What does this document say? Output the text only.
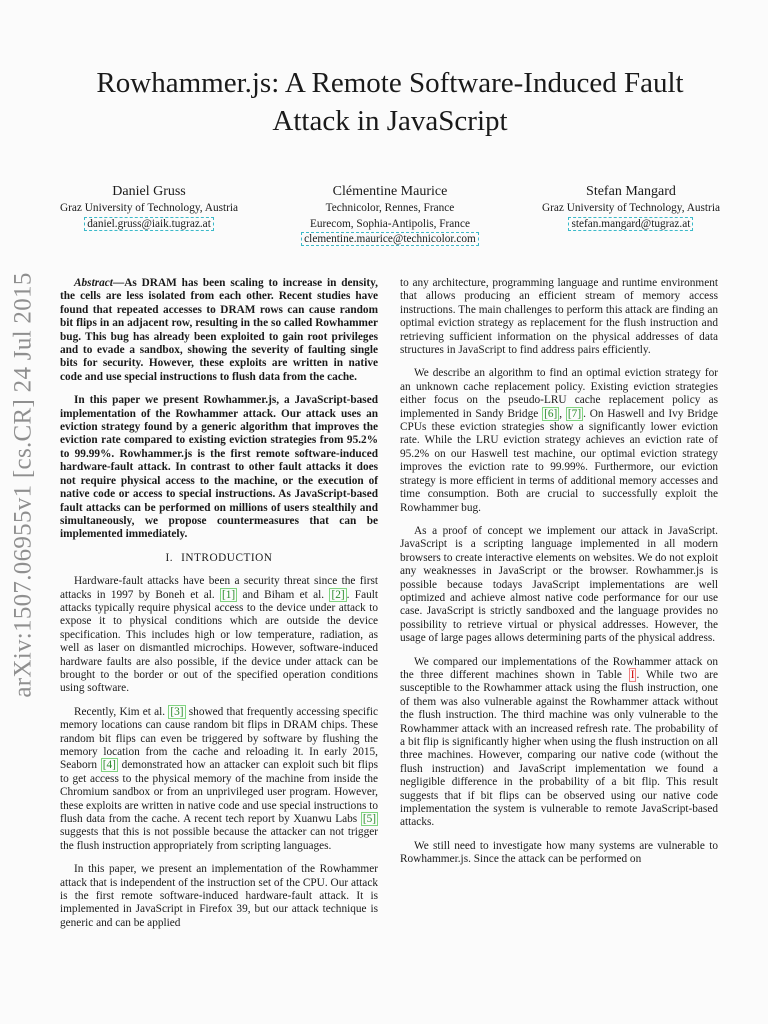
arXiv:1507.06955v1 [cs.CR] 24 Jul 2015
Rowhammer.js: A Remote Software-Induced Fault
Attack in JavaScript
Daniel Gruss
Graz University of Technology, Austria
daniel.gruss@iaik.tugraz.at
Clémentine Maurice
Technicolor, Rennes, France
Eurecom, Sophia-Antipolis, France
clementine.maurice@technicolor.com
Stefan Mangard
Graz University of Technology, Austria
stefan.mangard@tugraz.at

Abstract—As DRAM has been scaling to increase in density, the cells are less isolated from each other. Recent studies have found that repeated accesses to DRAM rows can cause random bit flips in an adjacent row, resulting in the so called Rowhammer bug. This bug has already been exploited to gain root privileges and to evade a sandbox, showing the severity of faulting single bits for security. However, these exploits are written in native code and use special instructions to flush data from the cache.

In this paper we present Rowhammer.js, a JavaScript-based implementation of the Rowhammer attack. Our attack uses an eviction strategy found by a generic algorithm that improves the eviction rate compared to existing eviction strategies from 95.2% to 99.99%. Rowhammer.js is the first remote software-induced hardware-fault attack. In contrast to other fault attacks it does not require physical access to the machine, or the execution of native code or access to special instructions. As JavaScript-based fault attacks can be performed on millions of users stealthily and simultaneously, we propose countermeasures that can be implemented immediately.

I. INTRODUCTION

Hardware-fault attacks have been a security threat since the first attacks in 1997 by Boneh et al. [1] and Biham et al. [2] . Fault attacks typically require physical access to the device under attack to expose it to physical conditions which are outside the device specification. This includes high or low temperature, radiation, as well as laser on dismantled microchips. However, software-induced hardware faults are also possible, if the device under attack can be brought to the border or out of the specified operation conditions using software.

Recently, Kim et al. [3] showed that frequently accessing specific memory locations can cause random bit flips in DRAM chips. These random bit flips can even be triggered by software by flushing the memory location from the cache and reloading it. In early 2015, Seaborn [4] demonstrated how an attacker can exploit such bit flips to get access to the physical memory of the machine from inside the Chromium sandbox or from an unprivileged user program. However, these exploits are written in native code and use special instructions to flush data from the cache. A recent tech report by Xuanwu Labs [5] suggests that this is not possible because the attacker can not trigger the flush instruction appropriately from scripting languages.

In this paper, we present an implementation of the Rowhammer attack that is independent of the instruction set of the CPU. Our attack is the first remote software-induced hardware-fault attack. It is implemented in JavaScript in Firefox 39, but our attack technique is generic and can be applied

to any architecture, programming language and runtime environment that allows producing an efficient stream of memory access instructions. The main challenges to perform this attack are finding an optimal eviction strategy as replacement for the flush instruction and retrieving sufficient information on the physical addresses of data structures in JavaScript to find address pairs efficiently.

We describe an algorithm to find an optimal eviction strategy for an unknown cache replacement policy. Existing eviction strategies either focus on the pseudo-LRU cache replacement policy as implemented in Sandy Bridge [6] , [7] . On Haswell and Ivy Bridge CPUs these eviction strategies show a significantly lower eviction rate. While the LRU eviction strategy achieves an eviction rate of 95.2% on our Haswell test machine, our optimal eviction strategy improves the eviction rate to 99.99%. Furthermore, our eviction strategy is more efficient in terms of additional memory accesses and time consumption. Both are crucial to successfully exploit the Rowhammer bug.

As a proof of concept we implement our attack in JavaScript. JavaScript is a scripting language implemented in all modern browsers to create interactive elements on websites. We do not exploit any weaknesses in JavaScript or the browser. Rowhammer.js is possible because todays JavaScript implementations are well optimized and achieve almost native code performance for our use case. JavaScript is strictly sandboxed and the language provides no possibility to retrieve virtual or physical addresses. However, the usage of large pages allows determining parts of the physical address.

We compared our implementations of the Rowhammer attack on the three different machines shown in Table I . While two are susceptible to the Rowhammer attack using the flush instruction, one of them was also vulnerable against the Rowhammer attack without the flush instruction. The third machine was only vulnerable to the Rowhammer attack with an increased refresh rate. The probability of a bit flip is significantly higher when using the flush instruction on all three machines. However, comparing our native code (without the flush instruction) and JavaScript implementation we found a negligible difference in the probability of a bit flip. This result suggests that if bit flips can be observed using our native code implementation the system is vulnerable to remote JavaScript-based attacks.

We still need to investigate how many systems are vulnerable to Rowhammer.js. Since the attack can be performed on
